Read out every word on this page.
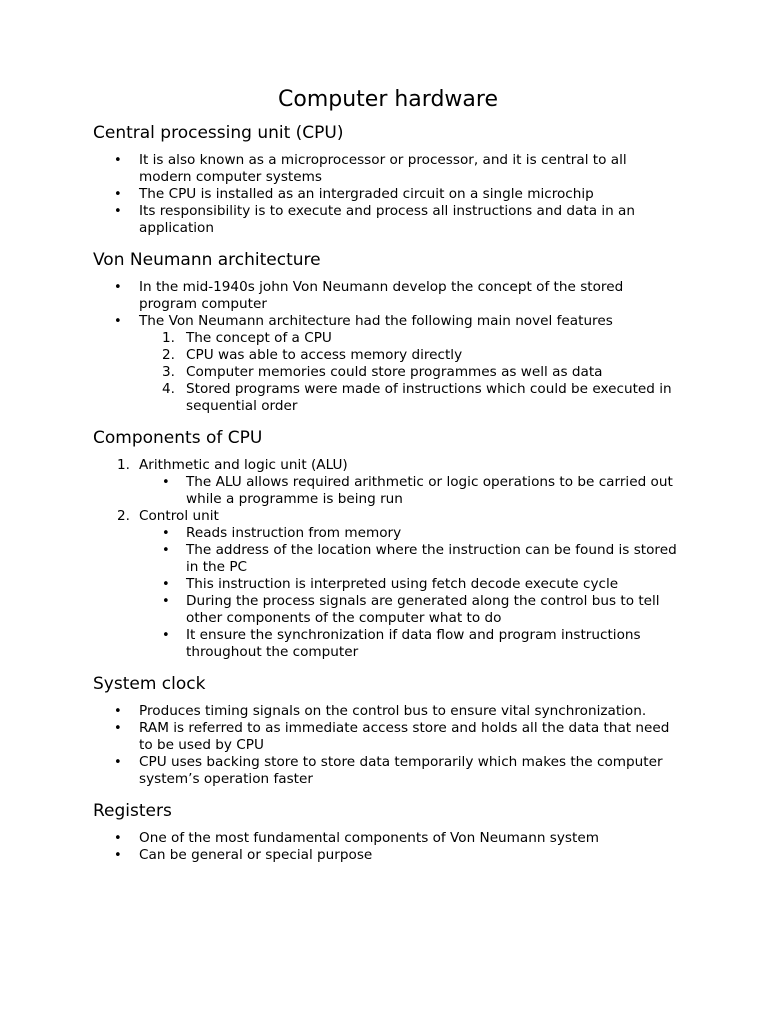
Computer hardware
Central processing unit (CPU)
•	It is also known as a microprocessor or processor, and it is central to all modern computer systems
•	The CPU is installed as an intergraded circuit on a single microchip
•	Its responsibility is to execute and process all instructions and data in an application
Von Neumann architecture
•	In the mid-1940s john Von Neumann develop the concept of the stored program computer
•	The Von Neumann architecture had the following main novel features
1. The concept of a CPU
2. CPU was able to access memory directly
3. Computer memories could store programmes as well as data
4. Stored programs were made of instructions which could be executed in sequential order
Components of CPU
1. Arithmetic and logic unit (ALU)
•	The ALU allows required arithmetic or logic operations to be carried out while a programme is being run
2. Control unit
•	Reads instruction from memory
•	The address of the location where the instruction can be found is stored in the PC
•	This instruction is interpreted using fetch decode execute cycle
•	During the process signals are generated along the control bus to tell other components of the computer what to do
•	It ensure the synchronization if data flow and program instructions throughout the computer
System clock
•	Produces timing signals on the control bus to ensure vital synchronization.
•	RAM is referred to as immediate access store and holds all the data that need to be used by CPU
•	CPU uses backing store to store data temporarily which makes the computer system’s operation faster
Registers
•	One of the most fundamental components of Von Neumann system
•	Can be general or special purpose
